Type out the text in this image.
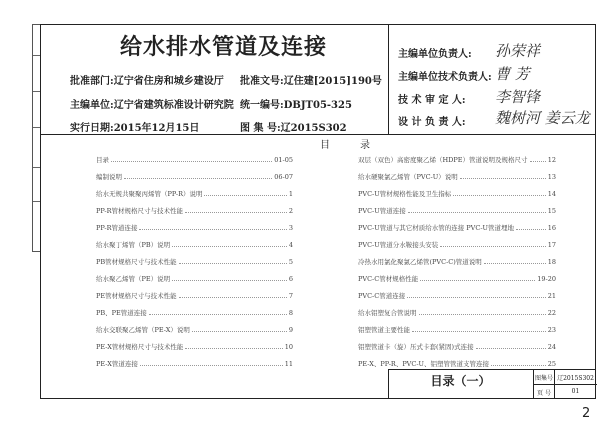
给水排水管道及连接
批准部门:辽宁省住房和城乡建设厅 批准文号:辽住建[2015]190号
主编单位:辽宁省建筑标准设计研究院 统一编号:DBJT05-325
实行日期:2015年12月15日	图 集 号:辽2015S302
主编单位负责人: 孙荣祥
主编单位技术负责人: 曹 芳
技 术 审 定 人: 李智锋
设 计 负 责 人: 魏树河 姜云龙
目录
目录	01-05
编制说明	06-07
给水无规共聚聚丙烯管（PP-R）说明	1
PP-R管材规格尺寸与技术性能	2
PP-R管道连接	3
给水聚丁烯管（PB）说明	4
PB管材规格尺寸与技术性能	5
给水聚乙烯管（PE）说明	6
PE管材规格尺寸与技术性能	7
PB、PE管道连接	8
给水交联聚乙烯管（PE-X）说明	9
PE-X管材规格尺寸与技术性能	10
PE-X管道连接	11
双层（双色）高密度聚乙烯（HDPE）管道说明及规格尺寸	12
给水硬聚氯乙烯管（PVC-U）说明	13
PVC-U管材规格性能及卫生指标	14
PVC-U管道连接	15
PVC-U管道与其它材质给水管的连接 PVC-U管道埋地	16
PVC-U管道分水鞍接头安装	17
冷热水用氯化聚氯乙烯管(PVC-C)管道说明	18
PVC-C管材规格性能	19-20
PVC-C管道连接	21
给水铝塑复合管说明	22
铝塑管道主要性能	23
铝塑管道卡（旋）压式卡套(紧固)式连接	24
PE-X、PP-R、PVC-U、铝塑管管道支管连接	25
目录（一）	图集号 辽2015S302
页 号	01
2
